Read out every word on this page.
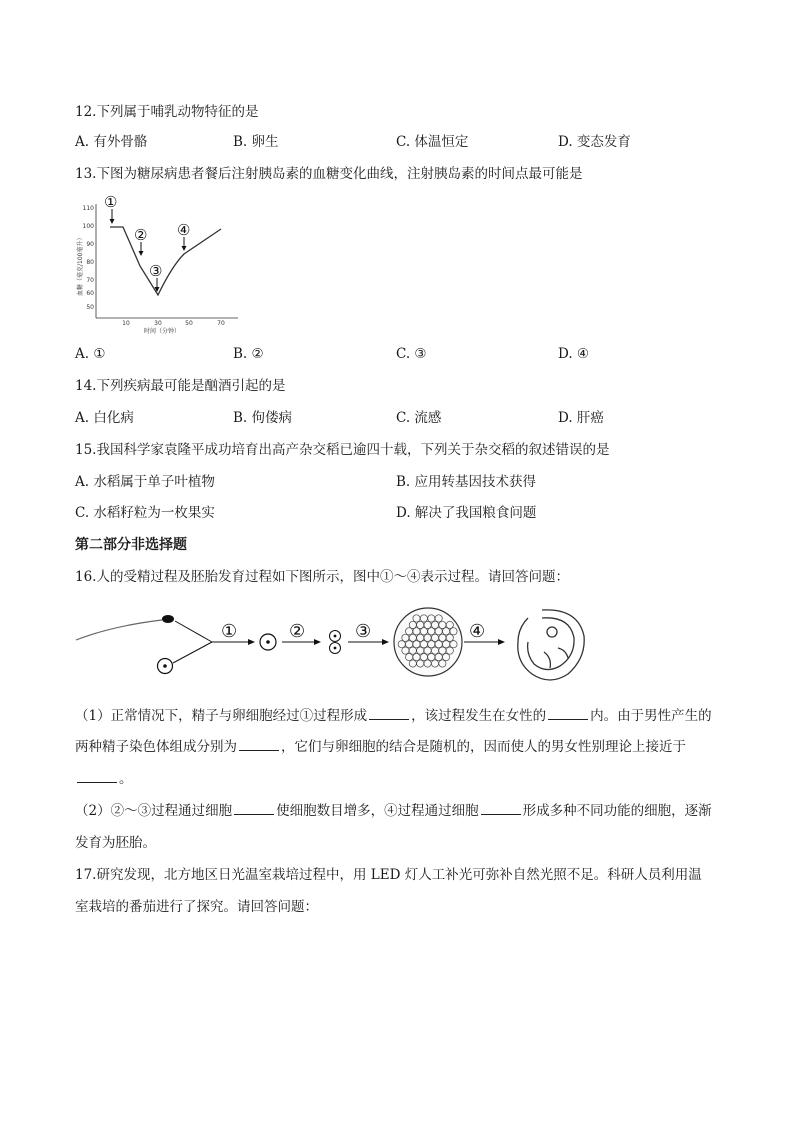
12.下列属于哺乳动物特征的是
A. 有外骨骼	B. 卵生	C. 体温恒定	D. 变态发育
13.下图为糖尿病患者餐后注射胰岛素的血糖变化曲线，注射胰岛素的时间点最可能是
110
100
90
80
70
60
50
10	30	50	70
血糖（毫克/100毫升）
时间（分钟）
①
②
③
④
A. ①	B. ②	C. ③	D. ④
14.下列疾病最可能是酗酒引起的是
A. 白化病	B. 佝偻病	C. 流感	D. 肝癌
15.我国科学家袁隆平成功培育出高产杂交稻已逾四十载，下列关于杂交稻的叙述错误的是
A. 水稻属于单子叶植物	B. 应用转基因技术获得
C. 水稻籽粒为一枚果实	D. 解决了我国粮食问题
第二部分非选择题
16.人的受精过程及胚胎发育过程如下图所示，图中①～④表示过程。请回答问题：
①	②	③	④
（1）正常情况下，精子与卵细胞经过①过程形成	，该过程发生在女性的	内。由于男性产生的
两种精子染色体组成分别为	，它们与卵细胞的结合是随机的，因而使人的男女性别理论上接近于
。
（2）②～③过程通过细胞	使细胞数目增多，④过程通过细胞	形成多种不同功能的细胞，逐渐
发育为胚胎。
17.研究发现，北方地区日光温室栽培过程中，用 LED 灯人工补光可弥补自然光照不足。科研人员利用温
室栽培的番茄进行了探究。请回答问题：
